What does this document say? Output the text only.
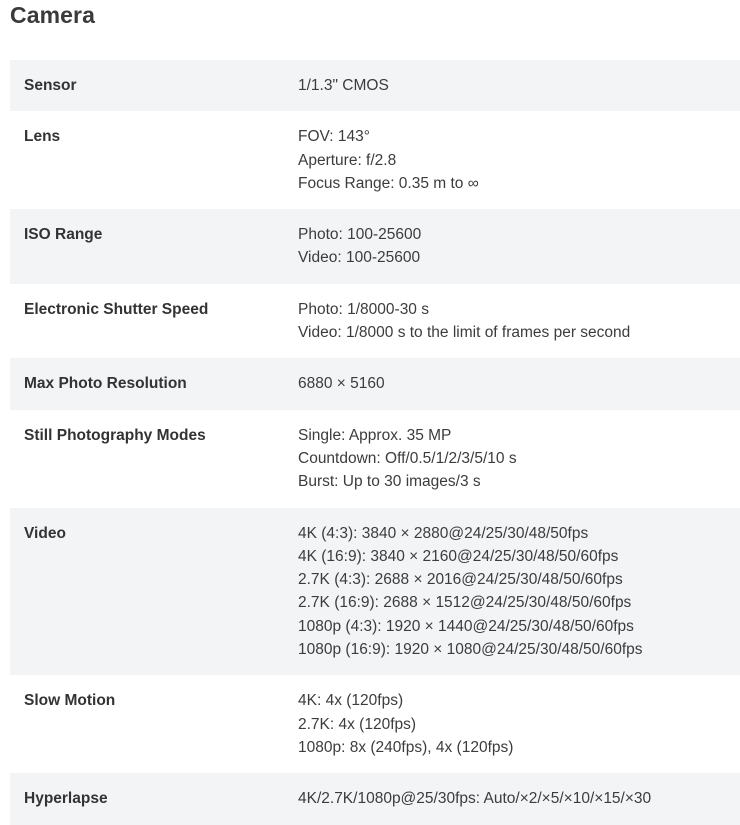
Camera
Sensor	1/1.3" CMOS
Lens	FOV: 143°
Aperture: f/2.8
Focus Range: 0.35 m to ∞
ISO Range	Photo: 100-25600
Video: 100-25600
Electronic Shutter Speed	Photo: 1/8000-30 s
Video: 1/8000 s to the limit of frames per second
Max Photo Resolution	6880 × 5160
Still Photography Modes	Single: Approx. 35 MP
Countdown: Off/0.5/1/2/3/5/10 s
Burst: Up to 30 images/3 s
Video	4K (4:3): 3840 × 2880@24/25/30/48/50fps
4K (16:9): 3840 × 2160@24/25/30/48/50/60fps
2.7K (4:3): 2688 × 2016@24/25/30/48/50/60fps
2.7K (16:9): 2688 × 1512@24/25/30/48/50/60fps
1080p (4:3): 1920 × 1440@24/25/30/48/50/60fps
1080p (16:9): 1920 × 1080@24/25/30/48/50/60fps
Slow Motion	4K: 4x (120fps)
2.7K: 4x (120fps)
1080p: 8x (240fps), 4x (120fps)
Hyperlapse	4K/2.7K/1080p@25/30fps: Auto/×2/×5/×10/×15/×30
